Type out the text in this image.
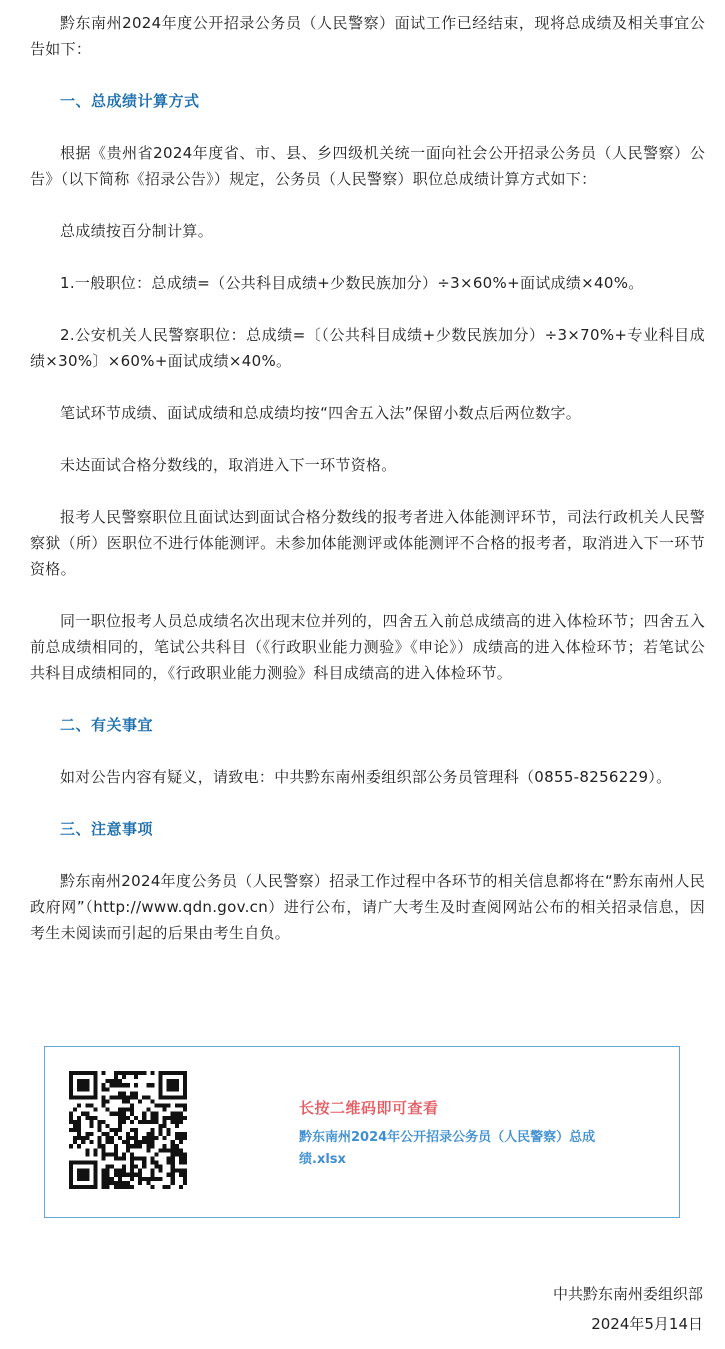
黔东南州2024年度公开招录公务员（人民警察）面试工作已经结束，现将总成绩及相关事宜公告如下：

一、总成绩计算方式

根据《贵州省2024年度省、市、县、乡四级机关统一面向社会公开招录公务员（人民警察）公告》（以下简称《招录公告》）规定，公务员（人民警察）职位总成绩计算方式如下：

总成绩按百分制计算。

1.一般职位：总成绩=（公共科目成绩+少数民族加分）÷3×60%+面试成绩×40%。

2.公安机关人民警察职位：总成绩=〔（公共科目成绩+少数民族加分）÷3×70%+专业科目成绩×30%〕×60%+面试成绩×40%。

笔试环节成绩、面试成绩和总成绩均按“四舍五入法”保留小数点后两位数字。

未达面试合格分数线的，取消进入下一环节资格。

报考人民警察职位且面试达到面试合格分数线的报考者进入体能测评环节，司法行政机关人民警察狱（所）医职位不进行体能测评。未参加体能测评或体能测评不合格的报考者，取消进入下一环节资格。

同一职位报考人员总成绩名次出现末位并列的，四舍五入前总成绩高的进入体检环节；四舍五入前总成绩相同的，笔试公共科目（《行政职业能力测验》《申论》）成绩高的进入体检环节；若笔试公共科目成绩相同的，《行政职业能力测验》科目成绩高的进入体检环节。

二、有关事宜

如对公告内容有疑义，请致电：中共黔东南州委组织部公务员管理科（0855-8256229）。

三、注意事项

黔东南州2024年度公务员（人民警察）招录工作过程中各环节的相关信息都将在“黔东南州人民政府网”（http://www.qdn.gov.cn）进行公布，请广大考生及时查阅网站公布的相关招录信息，因考生未阅读而引起的后果由考生自负。

长按二维码即可查看
黔东南州2024年公开招录公务员（人民警察）总成绩.xlsx
中共黔东南州委组织部
2024年5月14日
